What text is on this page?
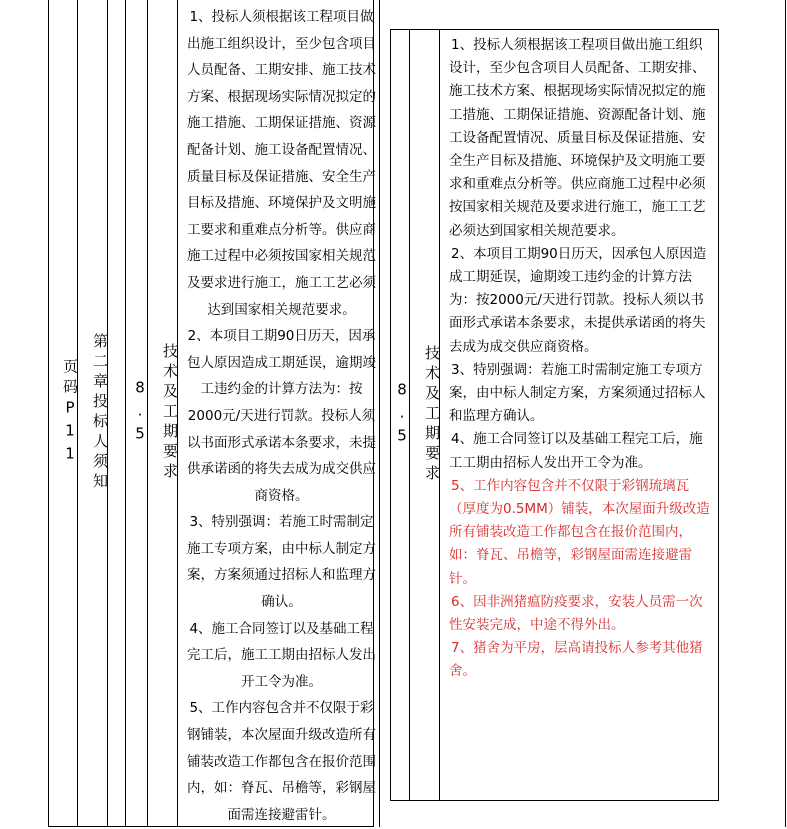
页码P11 第二章投标人须知	8.5 技术及工期要求

1、投标人须根据该工程项目做出施工组织设计，至少包含项目人员配备、工期安排、施工技术方案、根据现场实际情况拟定的施工措施、工期保证措施、资源配备计划、施工设备配置情况、质量目标及保证措施、安全生产目标及措施、环境保护及文明施工要求和重难点分析等。供应商施工过程中必须按国家相关规范及要求进行施工，施工工艺必须达到国家相关规范要求。

2、本项目工期90日历天，因承包人原因造成工期延误，逾期竣工违约金的计算方法为：按2000元/天进行罚款。投标人须以书面形式承诺本条要求，未提供承诺函的将失去成为成交供应商资格。

3、特别强调：若施工时需制定施工专项方案，由中标人制定方案，方案须通过招标人和监理方确认。

4、施工合同签订以及基础工程完工后，施工工期由招标人发出开工令为准。

5、工作内容包含并不仅限于彩钢铺装，本次屋面升级改造所有铺装改造工作都包含在报价范围内，如：脊瓦、吊檐等，彩钢屋面需连接避雷针。

8.5 技术及工期要求

1、投标人须根据该工程项目做出施工组织设计，至少包含项目人员配备、工期安排、施工技术方案、根据现场实际情况拟定的施工措施、工期保证措施、资源配备计划、施工设备配置情况、质量目标及保证措施、安全生产目标及措施、环境保护及文明施工要求和重难点分析等。供应商施工过程中必须按国家相关规范及要求进行施工，施工工艺必须达到国家相关规范要求。

2、本项目工期90日历天，因承包人原因造成工期延误，逾期竣工违约金的计算方法为：按2000元/天进行罚款。投标人须以书面形式承诺本条要求，未提供承诺函的将失去成为成交供应商资格。

3、特别强调：若施工时需制定施工专项方案，由中标人制定方案，方案须通过招标人和监理方确认。

4、施工合同签订以及基础工程完工后，施工工期由招标人发出开工令为准。

5、工作内容包含并不仅限于彩钢琉璃瓦（厚度为0.5MM）铺装，本次屋面升级改造所有铺装改造工作都包含在报价范围内，如：脊瓦、吊檐等，彩钢屋面需连接避雷针。

6、因非洲猪瘟防疫要求，安装人员需一次性安装完成，中途不得外出。

7、猪舍为平房，层高请投标人参考其他猪舍。
